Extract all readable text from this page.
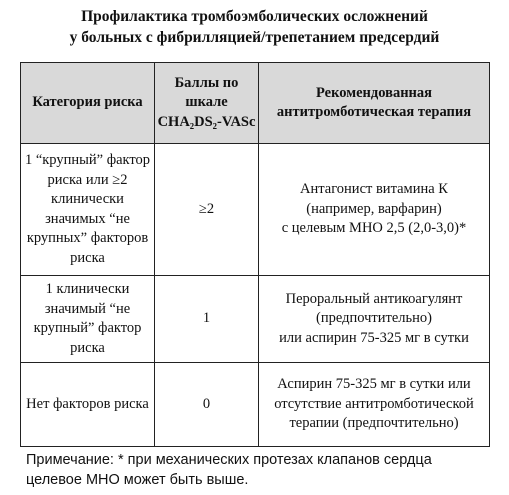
Профилактика тромбоэмболических осложнений
у больных с фибрилляцией/трепетанием предсердий
Категория риска	Баллы по шкале CHA₂DS₂-VASc	Рекомендованная антитромботическая терапия
1 “крупный” фактор риска или ≥2 клинически значимых “не крупных” факторов риска	≥2	Антагонист витамина К
(например, варфарин)
с целевым МНО 2,5 (2,0-3,0)*
1 клинически значимый “не крупный” фактор риска	1	Пероральный антикоагулянт
(предпочтительно)
или аспирин 75-325 мг в сутки
Нет факторов риска	0	Аспирин 75-325 мг в сутки или
отсутствие антитромботической
терапии (предпочтительно)
Примечание: * при механических протезах клапанов сердца
целевое МНО может быть выше.
